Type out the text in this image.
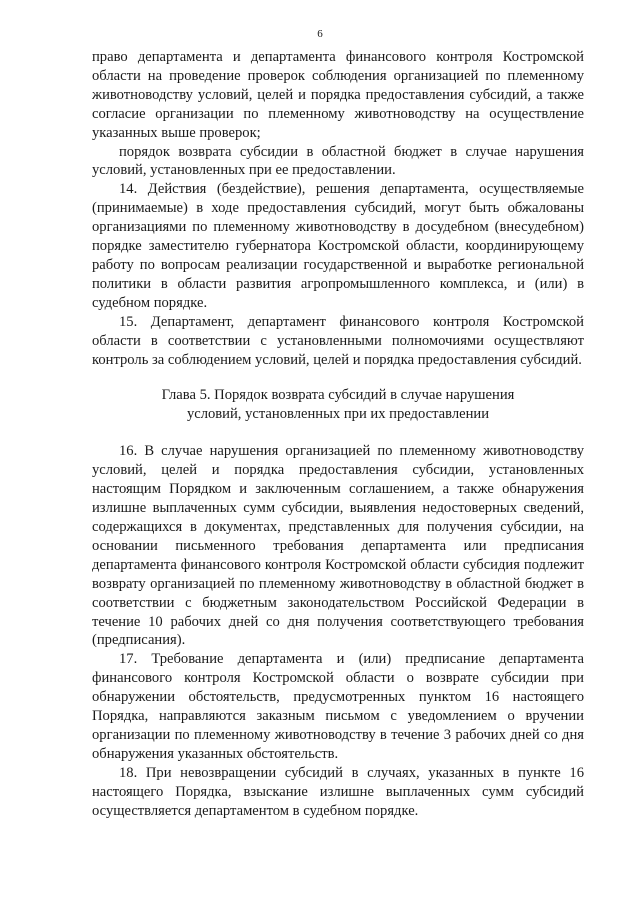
6

право департамента и департамента финансового контроля Костромской области на проведение проверок соблюдения организацией по племенному животноводству условий, целей и порядка предоставления субсидий, а также согласие организации по племенному животноводству на осуществление указанных выше проверок;

порядок возврата субсидии в областной бюджет в случае нарушения условий, установленных при ее предоставлении.

14. Действия (бездействие), решения департамента, осуществляемые (принимаемые) в ходе предоставления субсидий, могут быть обжалованы организациями по племенному животноводству в досудебном (внесудебном) порядке заместителю губернатора Костромской области, координирующему работу по вопросам реализации государственной и выработке региональной политики в области развития агропромышленного комплекса, и (или) в судебном порядке.

15. Департамент, департамент финансового контроля Костромской области в соответствии с установленными полномочиями осуществляют контроль за соблюдением условий, целей и порядка предоставления субсидий.

Глава 5. Порядок возврата субсидий в случае нарушения
условий, установленных при их предоставлении

16. В случае нарушения организацией по племенному животноводству условий, целей и порядка предоставления субсидии, установленных настоящим Порядком и заключенным соглашением, а также обнаружения излишне выплаченных сумм субсидии, выявления недостоверных сведений, содержащихся в документах, представленных для получения субсидии, на основании письменного требования департамента или предписания департамента финансового контроля Костромской области субсидия подлежит возврату организацией по племенному животноводству в областной бюджет в соответствии с бюджетным законодательством Российской Федерации в течение 10 рабочих дней со дня получения соответствующего требования (предписания).

17. Требование департамента и (или) предписание департамента финансового контроля Костромской области о возврате субсидии при обнаружении обстоятельств, предусмотренных пунктом 16 настоящего Порядка, направляются заказным письмом с уведомлением о вручении организации по племенному животноводству в течение 3 рабочих дней со дня обнаружения указанных обстоятельств.

18. При невозвращении субсидий в случаях, указанных в пункте 16 настоящего Порядка, взыскание излишне выплаченных сумм субсидий осуществляется департаментом в судебном порядке.
